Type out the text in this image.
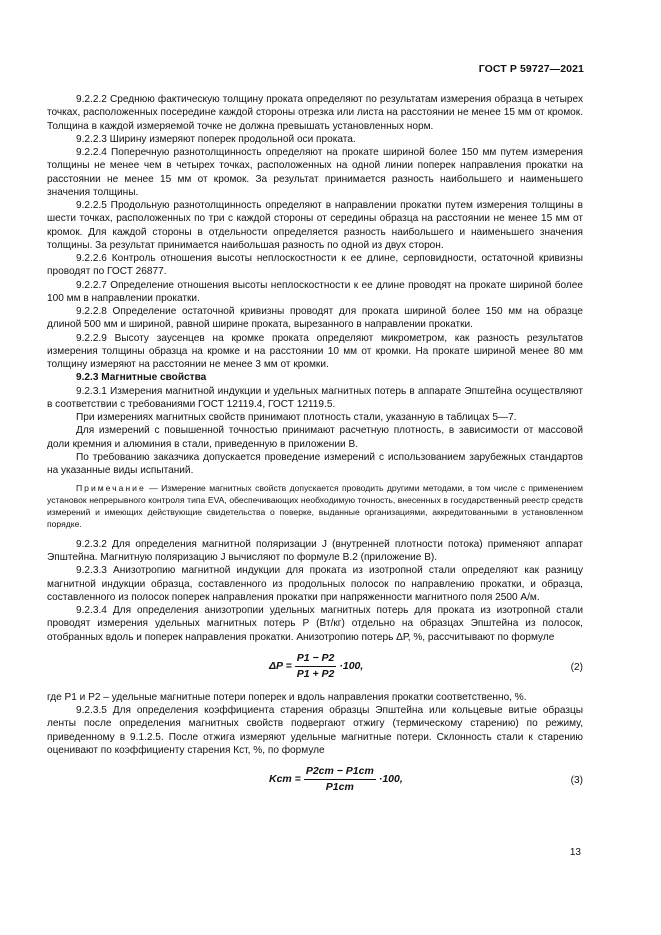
ГОСТ Р 59727—2021

9.2.2.2 Среднюю фактическую толщину проката определяют по результатам измерения образца в четырех точках, расположенных посередине каждой стороны отрезка или листа на расстоянии не менее 15 мм от кромок. Толщина в каждой измеряемой точке не должна превышать установленных норм.

9.2.2.3 Ширину измеряют поперек продольной оси проката.

9.2.2.4 Поперечную разнотолщинность определяют на прокате шириной более 150 мм путем измерения толщины не менее чем в четырех точках, расположенных на одной линии поперек направления прокатки на расстоянии не менее 15 мм от кромок. За результат принимается разность наибольшего и наименьшего значения толщины.

9.2.2.5 Продольную разнотолщинность определяют в направлении прокатки путем измерения толщины в шести точках, расположенных по три с каждой стороны от середины образца на расстоянии не менее 15 мм от кромок. Для каждой стороны в отдельности определяется разность наибольшего и наименьшего значения толщины. За результат принимается наибольшая разность по одной из двух сторон.

9.2.2.6 Контроль отношения высоты неплоскостности к ее длине, серповидности, остаточной кривизны проводят по ГОСТ 26877.

9.2.2.7 Определение отношения высоты неплоскостности к ее длине проводят на прокате шириной более 100 мм в направлении прокатки.

9.2.2.8 Определение остаточной кривизны проводят для проката шириной более 150 мм на образце длиной 500 мм и шириной, равной ширине проката, вырезанного в направлении прокатки.

9.2.2.9 Высоту заусенцев на кромке проката определяют микрометром, как разность результатов измерения толщины образца на кромке и на расстоянии 10 мм от кромки. На прокате шириной менее 80 мм толщину измеряют на расстоянии не менее 3 мм от кромки.

9.2.3 Магнитные свойства

9.2.3.1 Измерения магнитной индукции и удельных магнитных потерь в аппарате Эпштейна осуществляют в соответствии с требованиями ГОСТ 12119.4, ГОСТ 12119.5.

При измерениях магнитных свойств принимают плотность стали, указанную в таблицах 5—7.

Для измерений с повышенной точностью принимают расчетную плотность, в зависимости от массовой доли кремния и алюминия в стали, приведенную в приложении В.

По требованию заказчика допускается проведение измерений с использованием зарубежных стандартов на указанные виды испытаний.

Примечание — Измерение магнитных свойств допускается проводить другими методами, в том числе с применением установок непрерывного контроля типа EVA, обеспечивающих необходимую точность, внесенных в государственный реестр средств измерений и имеющих действующие свидетельства о поверке, выданные организациями, аккредитованными в установленном порядке.

9.2.3.2 Для определения магнитной поляризации J (внутренней плотности потока) применяют аппарат Эпштейна. Магнитную поляризацию J вычисляют по формуле В.2 (приложение В).

9.2.3.3 Анизотропию магнитной индукции для проката из изотропной стали определяют как разницу магнитной индукции образца, составленного из продольных полосок по направлению прокатки, и образца, составленного из полосок поперек направления прокатки при напряженности магнитного поля 2500 А/м.

9.2.3.4 Для определения анизотропии удельных магнитных потерь для проката из изотропной стали проводят измерения удельных магнитных потерь Р (Вт/кг) отдельно на образцах Эпштейна из полосок, отобранных вдоль и поперек направления прокатки. Анизотропию потерь ΔР, %, рассчитывают по формуле

$\Delta P = \frac{P1 - P2}{P1 + P2} \cdot 100$,	(2)

где Р1 и Р2 – удельные магнитные потери поперек и вдоль направления прокатки соответственно, %.

9.2.3.5 Для определения коэффициента старения образцы Эпштейна или кольцевые витые образцы ленты после определения магнитных свойств подвергают отжигу (термическому старению) по режиму, приведенному в 9.1.2.5. После отжига измеряют удельные магнитные потери. Склонность стали к старению оценивают по коэффициенту старения Кст, %, по формуле

Kст = $\frac{P2ст - P1ст}{P1ст} \cdot 100$,	(3)
13
